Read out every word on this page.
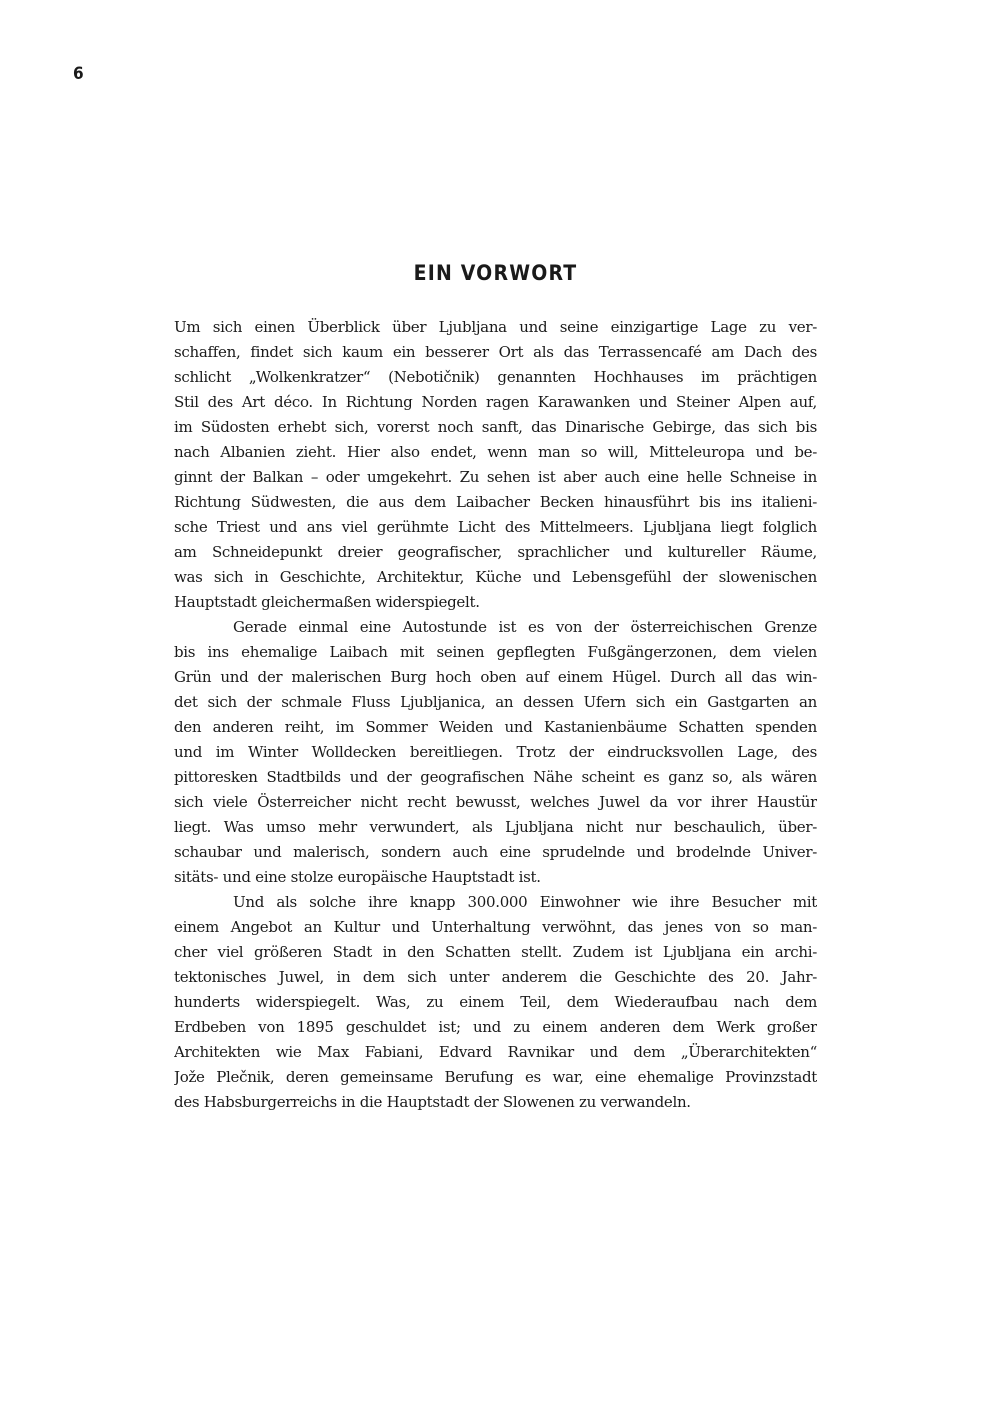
6
EIN VORWORT
Um sich einen Überblick über Ljubljana und seine einzigartige Lage zu ver-
schaffen, findet sich kaum ein besserer Ort als das Terrassencafé am Dach des
schlicht „Wolkenkratzer“ (Nebotičnik) genannten Hochhauses im prächtigen
Stil des Art déco. In Richtung Norden ragen Karawanken und Steiner Alpen auf,
im Südosten erhebt sich, vorerst noch sanft, das Dinarische Gebirge, das sich bis
nach Albanien zieht. Hier also endet, wenn man so will, Mitteleuropa und be-
ginnt der Balkan – oder umgekehrt. Zu sehen ist aber auch eine helle Schneise in
Richtung Südwesten, die aus dem Laibacher Becken hinausführt bis ins italieni-
sche Triest und ans viel gerühmte Licht des Mittelmeers. Ljubljana liegt folglich
am Schneidepunkt dreier geografischer, sprachlicher und kultureller Räume,
was sich in Geschichte, Architektur, Küche und Lebensgefühl der slowenischen
Hauptstadt gleichermaßen widerspiegelt.
Gerade einmal eine Autostunde ist es von der österreichischen Grenze
bis ins ehemalige Laibach mit seinen gepflegten Fußgängerzonen, dem vielen
Grün und der malerischen Burg hoch oben auf einem Hügel. Durch all das win-
det sich der schmale Fluss Ljubljanica, an dessen Ufern sich ein Gastgarten an
den anderen reiht, im Sommer Weiden und Kastanienbäume Schatten spenden
und im Winter Wolldecken bereitliegen. Trotz der eindrucksvollen Lage, des
pittoresken Stadtbilds und der geografischen Nähe scheint es ganz so, als wären
sich viele Österreicher nicht recht bewusst, welches Juwel da vor ihrer Haustür
liegt. Was umso mehr verwundert, als Ljubljana nicht nur beschaulich, über-
schaubar und malerisch, sondern auch eine sprudelnde und brodelnde Univer-
sitäts- und eine stolze europäische Hauptstadt ist.
Und als solche ihre knapp 300.000 Einwohner wie ihre Besucher mit
einem Angebot an Kultur und Unterhaltung verwöhnt, das jenes von so man-
cher viel größeren Stadt in den Schatten stellt. Zudem ist Ljubljana ein archi-
tektonisches Juwel, in dem sich unter anderem die Geschichte des 20. Jahr-
hunderts widerspiegelt. Was, zu einem Teil, dem Wiederaufbau nach dem
Erdbeben von 1895 geschuldet ist; und zu einem anderen dem Werk großer
Architekten wie Max Fabiani, Edvard Ravnikar und dem „Überarchitekten“
Jože Plečnik, deren gemeinsame Berufung es war, eine ehemalige Provinzstadt
des Habsburgerreichs in die Hauptstadt der Slowenen zu verwandeln.
